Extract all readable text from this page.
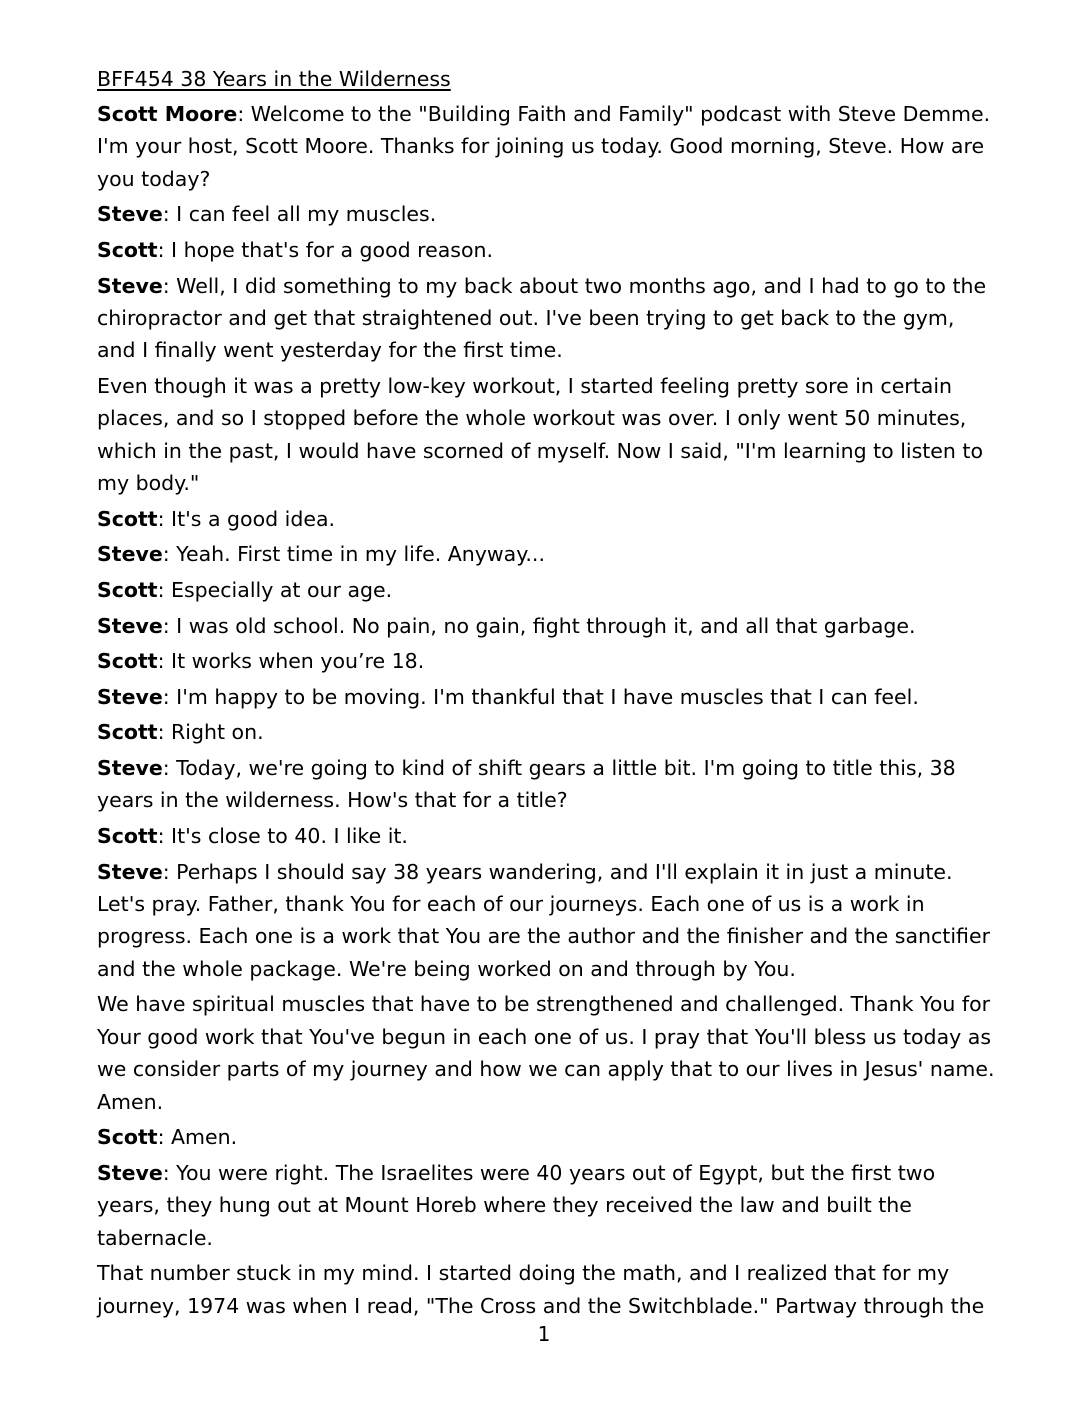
BFF454 38 Years in the Wilderness

Scott Moore: Welcome to the "Building Faith and Family" podcast with Steve Demme. I'm your host, Scott Moore. Thanks for joining us today. Good morning, Steve. How are you today?

Steve: I can feel all my muscles.

Scott: I hope that's for a good reason.

Steve: Well, I did something to my back about two months ago, and I had to go to the chiropractor and get that straightened out. I've been trying to get back to the gym, and I finally went yesterday for the first time.

Even though it was a pretty low-key workout, I started feeling pretty sore in certain places, and so I stopped before the whole workout was over. I only went 50 minutes, which in the past, I would have scorned of myself. Now I said, "I'm learning to listen to my body."

Scott: It's a good idea.

Steve: Yeah. First time in my life. Anyway...

Scott: Especially at our age.

Steve: I was old school. No pain, no gain, fight through it, and all that garbage.

Scott: It works when you’re 18.

Steve: I'm happy to be moving. I'm thankful that I have muscles that I can feel.

Scott: Right on.

Steve: Today, we're going to kind of shift gears a little bit. I'm going to title this, 38 years in the wilderness. How's that for a title?

Scott: It's close to 40. I like it.

Steve: Perhaps I should say 38 years wandering, and I'll explain it in just a minute. Let's pray. Father, thank You for each of our journeys. Each one of us is a work in progress. Each one is a work that You are the author and the finisher and the sanctifier and the whole package. We're being worked on and through by You.

We have spiritual muscles that have to be strengthened and challenged. Thank You for Your good work that You've begun in each one of us. I pray that You'll bless us today as we consider parts of my journey and how we can apply that to our lives in Jesus' name. Amen.

Scott: Amen.

Steve: You were right. The Israelites were 40 years out of Egypt, but the first two years, they hung out at Mount Horeb where they received the law and built the tabernacle.

That number stuck in my mind. I started doing the math, and I realized that for my journey, 1974 was when I read, "The Cross and the Switchblade." Partway through the

1
